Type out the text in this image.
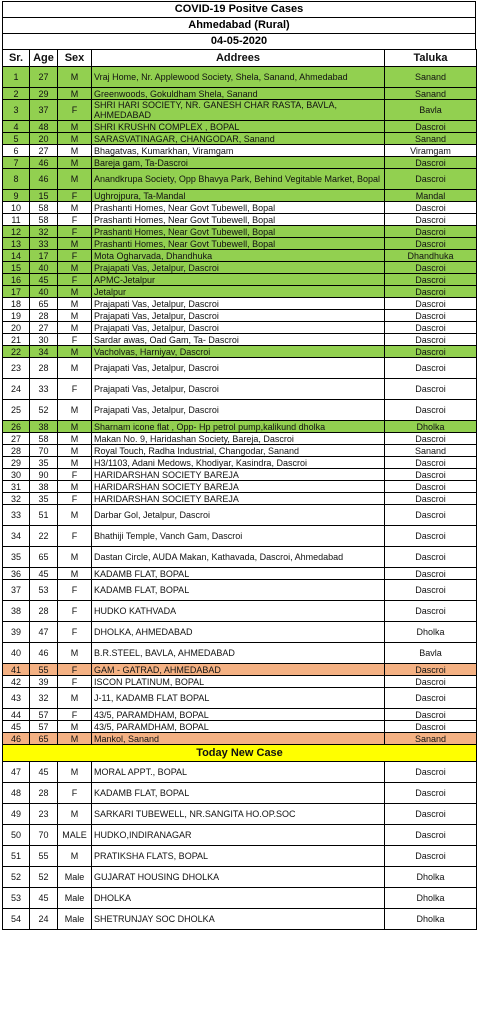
COVID-19 Positve Cases
Ahmedabad (Rural)
04-05-2020
Sr.	Age	Sex	Addrees	Taluka
1	27	M	Vraj Home, Nr. Applewood Society, Shela, Sanand, Ahmedabad	Sanand
2	29	M	Greenwoods, Gokuldham Shela, Sanand	Sanand
3	37	F	SHRI HARI SOCIETY, NR. GANESH CHAR RASTA, BAVLA, AHMEDABAD	Bavla
4	48	M	SHRI KRUSHN COMPLEX , BOPAL	Dascroi
5	20	M	SARASVATINAGAR, CHANGODAR, Sanand	Sanand
6	27	M	Bhagatvas, Kumarkhan, Viramgam	Viramgam
7	46	M	Bareja gam, Ta-Dascroi	Dascroi
8	46	M	Anandkrupa Society, Opp Bhavya Park, Behind Vegitable Market, Bopal	Dascroi
9	15	F	Ughrojpura, Ta-Mandal	Mandal
10	58	M	Prashanti Homes, Near Govt Tubewell, Bopal	Dascroi
11	58	F	Prashanti Homes, Near Govt Tubewell, Bopal	Dascroi
12	32	F	Prashanti Homes, Near Govt Tubewell, Bopal	Dascroi
13	33	M	Prashanti Homes, Near Govt Tubewell, Bopal	Dascroi
14	17	F	Mota Ogharvada, Dhandhuka	Dhandhuka
15	40	M	Prajapati Vas, Jetalpur, Dascroi	Dascroi
16	45	F	APMC-Jetalpur	Dascroi
17	40	M	Jetalpur	Dascroi
18	65	M	Prajapati Vas, Jetalpur, Dascroi	Dascroi
19	28	M	Prajapati Vas, Jetalpur, Dascroi	Dascroi
20	27	M	Prajapati Vas, Jetalpur, Dascroi	Dascroi
21	30	F	Sardar awas, Oad Gam, Ta- Dascroi	Dascroi
22	34	M	Vacholvas, Harniyav, Dascroi	Dascroi
23	28	M	Prajapati Vas, Jetalpur, Dascroi	Dascroi
24	33	F	Prajapati Vas, Jetalpur, Dascroi	Dascroi
25	52	M	Prajapati Vas, Jetalpur, Dascroi	Dascroi
26	38	M	Sharnam icone flat , Opp- Hp petrol pump,kalikund dholka	Dholka
27	58	M	Makan No. 9, Haridashan Society, Bareja, Dascroi	Dascroi
28	70	M	Royal Touch, Radha Industrial, Changodar, Sanand	Sanand
29	35	M	H3/1103, Adani Medows, Khodiyar, Kasindra, Dascroi	Dascroi
30	90	F	HARIDARSHAN SOCIETY BAREJA	Dascroi
31	38	M	HARIDARSHAN SOCIETY BAREJA	Dascroi
32	35	F	HARIDARSHAN SOCIETY BAREJA	Dascroi
33	51	M	Darbar Gol, Jetalpur, Dascroi	Dascroi
34	22	F	Bhathiji Temple, Vanch Gam, Dascroi	Dascroi
35	65	M	Dastan Circle, AUDA Makan, Kathavada, Dascroi, Ahmedabad	Dascroi
36	45	M	KADAMB FLAT, BOPAL	Dascroi
37	53	F	KADAMB FLAT, BOPAL	Dascroi
38	28	F	HUDKO KATHVADA	Dascroi
39	47	F	DHOLKA, AHMEDABAD	Dholka
40	46	M	B.R.STEEL, BAVLA, AHMEDABAD	Bavla
41	55	F	GAM - GATRAD, AHMEDABAD	Dascroi
42	39	F	ISCON PLATINUM, BOPAL	Dascroi
43	32	M	J-11, KADAMB FLAT BOPAL	Dascroi
44	57	F	43/5, PARAMDHAM, BOPAL	Dascroi
45	57	M	43/5, PARAMDHAM, BOPAL	Dascroi
46	65	M	Mankol, Sanand	Sanand
Today New Case				
47	45	M	MORAL APPT., BOPAL	Dascroi
48	28	F	KADAMB FLAT, BOPAL	Dascroi
49	23	M	SARKARI TUBEWELL, NR.SANGITA HO.OP.SOC	Dascroi
50	70	MALE	HUDKO,INDIRANAGAR	Dascroi
51	55	M	PRATIKSHA FLATS, BOPAL	Dascroi
52	52	Male	GUJARAT HOUSING DHOLKA	Dholka
53	45	Male	DHOLKA	Dholka
54	24	Male	SHETRUNJAY SOC DHOLKA	Dholka
